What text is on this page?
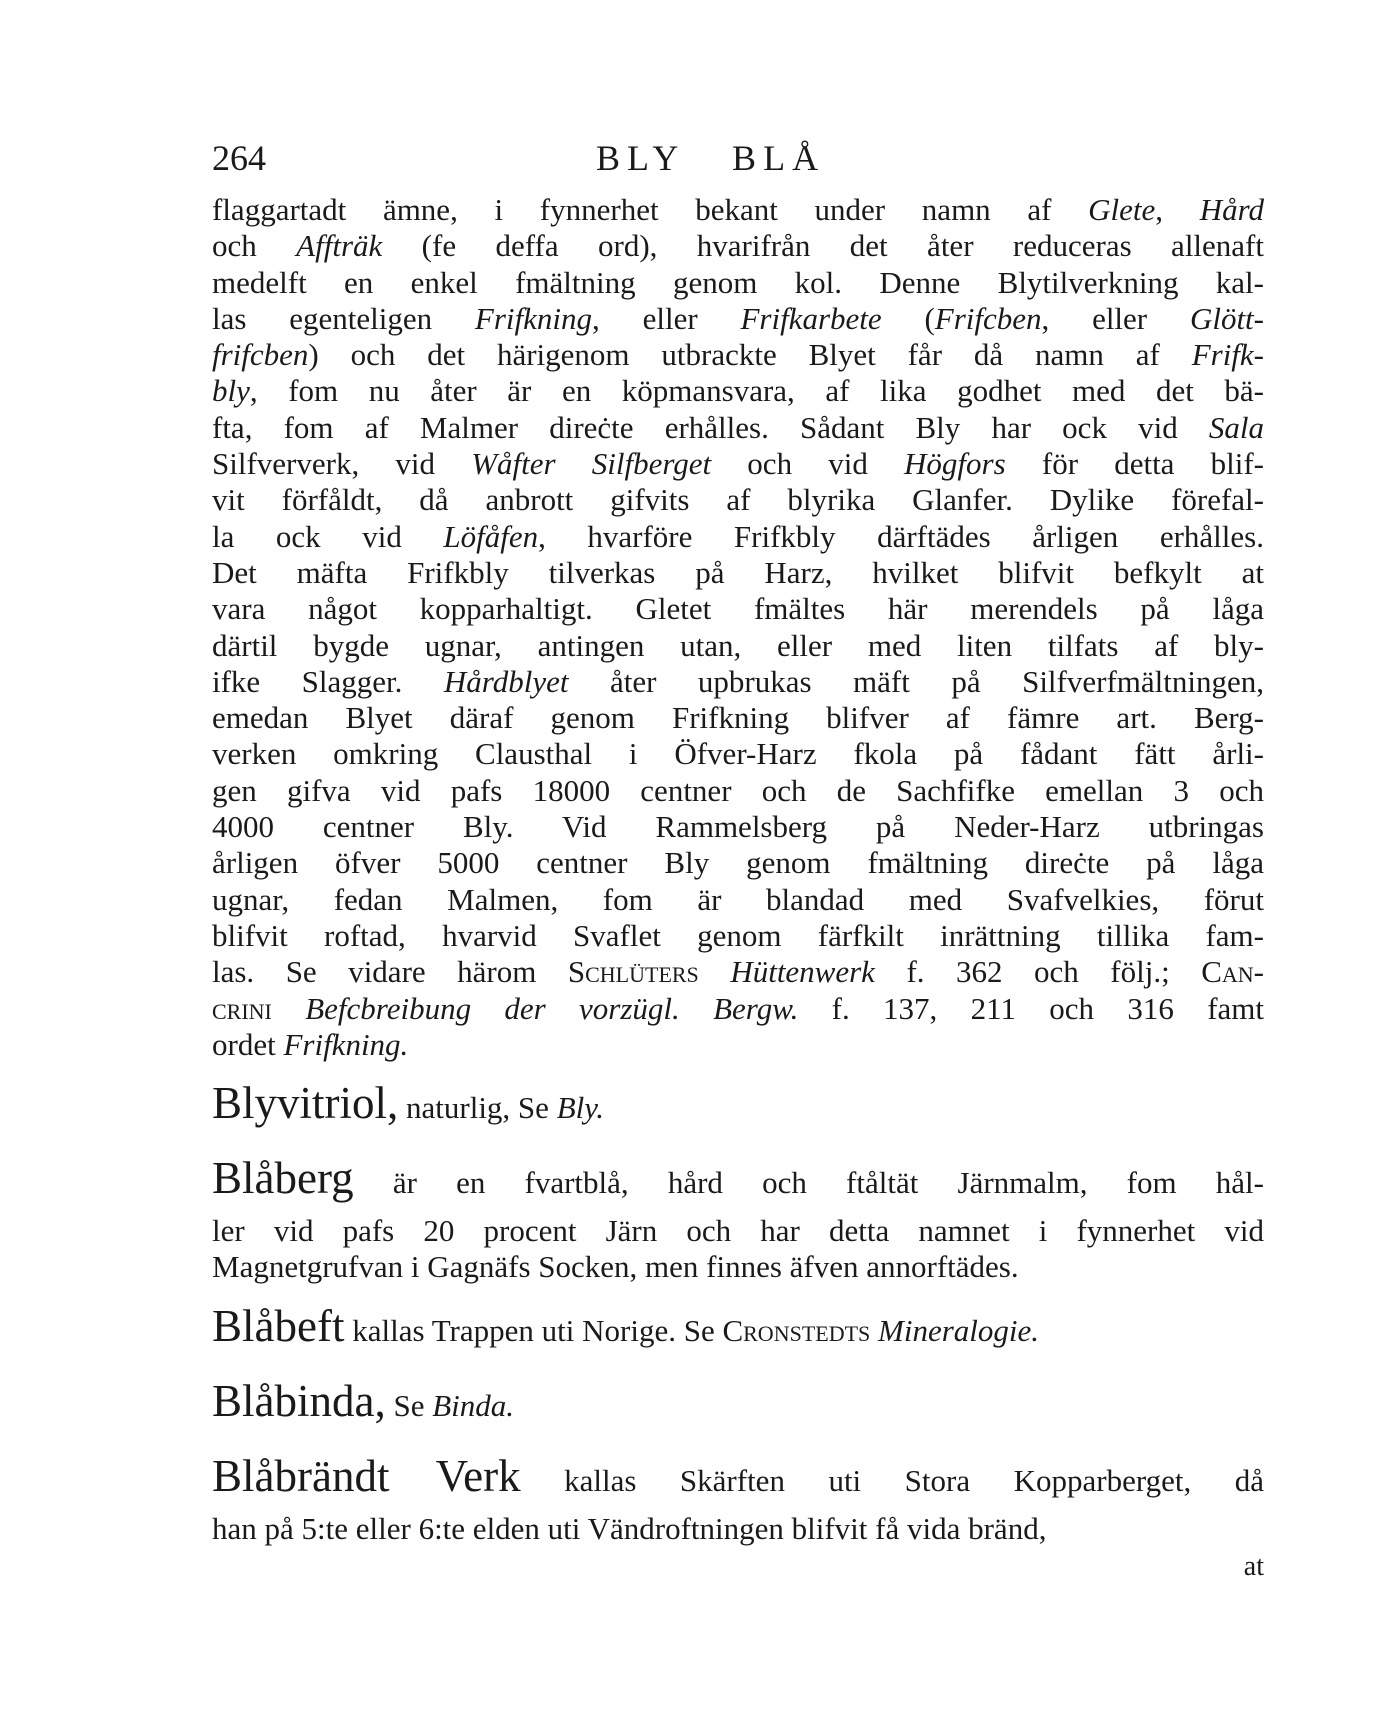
264	BLY   BLÅ
flaggartadt ämne, i fynnerhet bekant under namn af Glete, Hård
och Affträk (fe deffa ord), hvarifrån det åter reduceras allenaft
medelft en enkel fmältning genom kol. Denne Blytilverkning kal-
las egenteligen Frifkning, eller Frifkarbete (Frifcben, eller Glött-
frifcben) och det härigenom utbrackte Blyet får då namn af Frifk-
bly, fom nu åter är en köpmansvara, af lika godhet med det bä-
fta, fom af Malmer direċte erhålles. Sådant Bly har ock vid Sala
Silfververk, vid Wåfter Silfberget och vid Högfors för detta blif-
vit förfåldt, då anbrott gifvits af blyrika Glanfer. Dylike förefal-
la ock vid Löfåfen, hvarföre Frifkbly därftädes årligen erhålles.
Det mäfta Frifkbly tilverkas på Harz, hvilket blifvit befkylt at
vara något kopparhaltigt. Gletet fmältes här merendels på låga
därtil bygde ugnar, antingen utan, eller med liten tilfats af bly-
ifke Slagger. Hårdblyet åter upbrukas mäft på Silfverfmältningen,
emedan Blyet däraf genom Frifkning blifver af fämre art. Berg-
verken omkring Clausthal i Öfver-Harz fkola på fådant fätt årli-
gen gifva vid pafs 18000 centner och de Sachfifke emellan 3 och
4000 centner Bly. Vid Rammelsberg på Neder-Harz utbringas
årligen öfver 5000 centner Bly genom fmältning direċte på låga
ugnar, fedan Malmen, fom är blandad med Svafvelkies, förut
blifvit roftad, hvarvid Svaflet genom färfkilt inrättning tillika fam-
las. Se vidare härom Schlüters Hüttenwerk f. 362 och följ.; Can-
crini Befcbreibung der vorzügl. Bergw. f. 137, 211 och 316 famt
ordet Frifkning.
Blyvitriol, naturlig, Se Bly.
Blåberg är en fvartblå, hård och ftåltät Järnmalm, fom hål-
ler vid pafs 20 procent Järn och har detta namnet i fynnerhet vid
Magnetgrufvan i Gagnäfs Socken, men finnes äfven annorftädes.
Blåbeft kallas Trappen uti Norige. Se Cronstedts Mineralogie.
Blåbinda, Se Binda.
Blåbrändt Verk kallas Skärften uti Stora Kopparberget, då
han på 5:te eller 6:te elden uti Vändroftningen blifvit få vida bränd,
at
